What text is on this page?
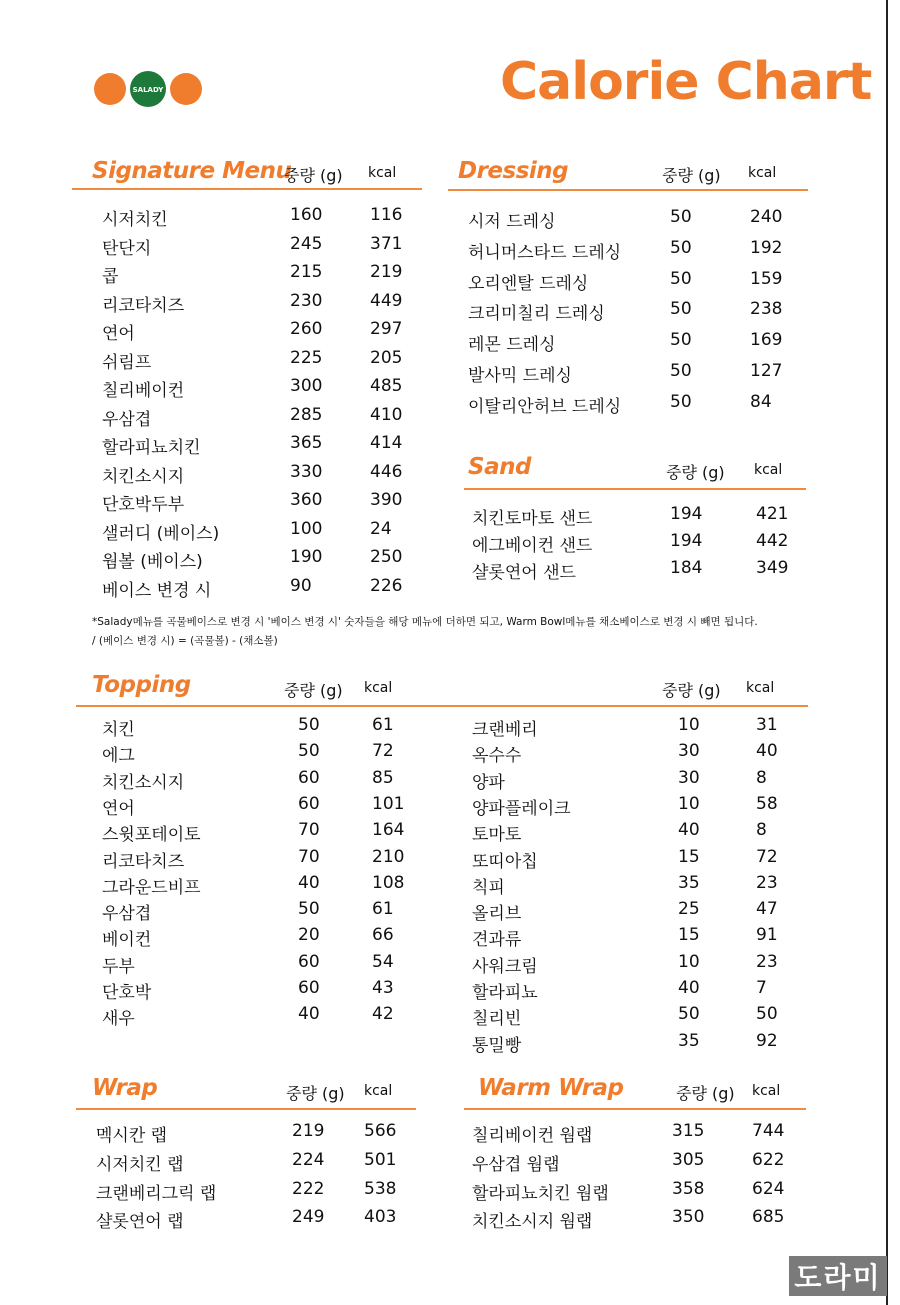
SALADY	Calorie Chart
Signature Menu
중량 (g) kcal
시저치킨	160	116
탄단지	245	371
콥	215	219
리코타치즈	230	449
연어	260	297
쉬림프	225	205
칠리베이컨	300	485
우삼겹	285	410
할라피뇨치킨	365	414
치킨소시지	330	446
단호박두부	360	390
샐러디 (베이스)	100	24
웜볼 (베이스)	190	250
베이스 변경 시	90	226
Dressing	중량 (g) kcal
시저 드레싱	50	240
허니머스타드 드레싱	50	192
오리엔탈 드레싱	50	159
크리미칠리 드레싱	50	238
레몬 드레싱	50	169
발사믹 드레싱	50	127
이탈리안허브 드레싱	50	84
Sand	중량 (g) kcal
치킨토마토 샌드	194	421
에그베이컨 샌드	194	442
샬롯연어 샌드	184	349
*Salady메뉴를 곡물베이스로 변경 시 '베이스 변경 시' 숫자들을 해당 메뉴에 더하면 되고, Warm Bowl메뉴를 채소베이스로 변경 시 빼면 됩니다.
/ (베이스 변경 시) = (곡물볼) - (채소볼)
Topping	중량 (g) kcal	중량 (g) kcal
치킨	50	61
에그	50	72
치킨소시지	60	85
연어	60	101
스윗포테이토	70	164
리코타치즈	70	210
그라운드비프	40	108
우삼겹	50	61
베이컨	20	66
두부	60	54
단호박	60	43
새우	40	42
크랜베리	10	31
옥수수	30	40
양파	30	8
양파플레이크	10	58
토마토	40	8
또띠아칩	15	72
칙피	35	23
올리브	25	47
견과류	15	91
사워크림	10	23
할라피뇨	40	7
칠리빈	50	50
통밀빵	35	92
Wrap	중량 (g) kcal
멕시칸 랩	219 566
시저치킨 랩	224 501
크랜베리그릭 랩	222 538
샬롯연어 랩	249 403
Warm Wrap	중량 (g) kcal
칠리베이컨 웜랩	315	744
우삼겹 웜랩	305	622
할라피뇨치킨 웜랩	358	624
치킨소시지 웜랩	350	685
도라미
